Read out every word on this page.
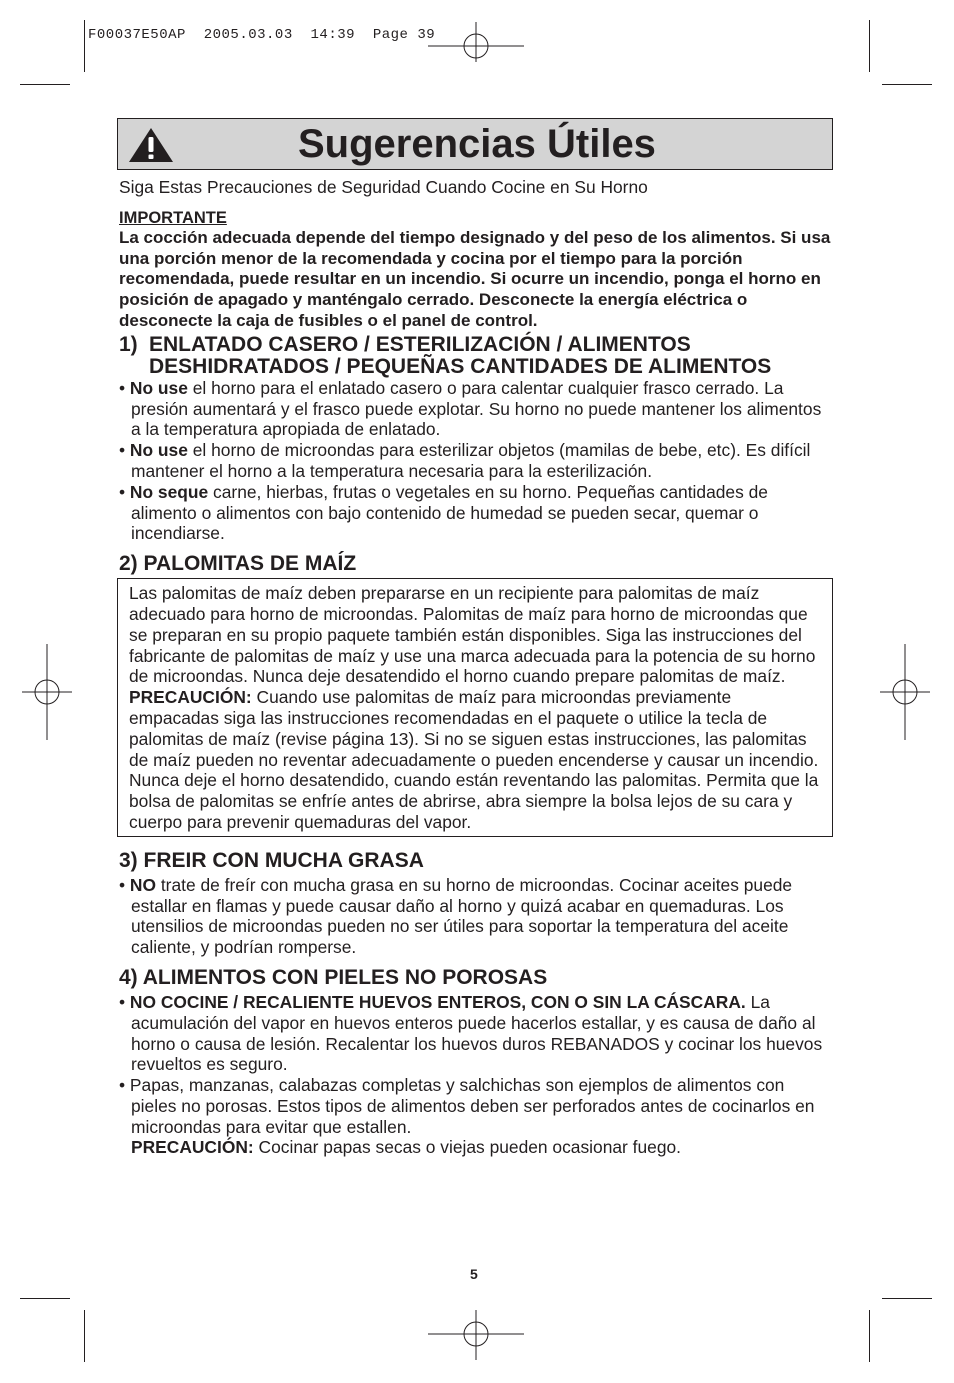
F00037E50AP  2005.03.03  14:39  Page 39
Sugerencias Útiles

Siga Estas Precauciones de Seguridad Cuando Cocine en Su Horno

IMPORTANTE
La cocción adecuada depende del tiempo designado y del peso de los alimentos. Si usa una porción menor de la recomendada y cocina por el tiempo para la porción recomendada, puede resultar en un incendio. Si ocurre un incendio, ponga el horno en posición de apagado y manténgalo cerrado. Desconecte la energía eléctrica o desconecte la caja de fusibles o el panel de control.
1) ENLATADO CASERO / ESTERILIZACIÓN / ALIMENTOS DESHIDRATADOS / PEQUEÑAS CANTIDADES DE ALIMENTOS

• No use el horno para el enlatado casero o para calentar cualquier frasco cerrado. La presión aumentará y el frasco puede explotar. Su horno no puede mantener los alimentos a la temperatura apropiada de enlatado.

• No use el horno de microondas para esterilizar objetos (mamilas de bebe, etc). Es difícil mantener el horno a la temperatura necesaria para la esterilización.

• No seque carne, hierbas, frutas o vegetales en su horno. Pequeñas cantidades de alimento o alimentos con bajo contenido de humedad se pueden secar, quemar o incendiarse.

2) PALOMITAS DE MAÍZ

Las palomitas de maíz deben prepararse en un recipiente para palomitas de maíz adecuado para horno de microondas. Palomitas de maíz para horno de microondas que se preparan en su propio paquete también están disponibles. Siga las instrucciones del fabricante de palomitas de maíz y use una marca adecuada para la potencia de su horno de microondas. Nunca deje desatendido el horno cuando prepare palomitas de maíz.

PRECAUCIÓN: Cuando use palomitas de maíz para microondas previamente empacadas siga las instrucciones recomendadas en el paquete o utilice la tecla de palomitas de maíz (revise página 13). Si no se siguen estas instrucciones, las palomitas de maíz pueden no reventar adecuadamente o pueden encenderse y causar un incendio.

Nunca deje el horno desatendido, cuando están reventando las palomitas. Permita que la bolsa de palomitas se enfríe antes de abrirse, abra siempre la bolsa lejos de su cara y cuerpo para prevenir quemaduras del vapor.

3) FREIR CON MUCHA GRASA

• NO trate de freír con mucha grasa en su horno de microondas. Cocinar aceites puede estallar en flamas y puede causar daño al horno y quizá acabar en quemaduras. Los utensilios de microondas pueden no ser útiles para soportar la temperatura del aceite caliente, y podrían romperse.

4) ALIMENTOS CON PIELES NO POROSAS

• NO COCINE / RECALIENTE HUEVOS ENTEROS, CON O SIN LA CÁSCARA. La acumulación del vapor en huevos enteros puede hacerlos estallar, y es causa de daño al horno o causa de lesión. Recalentar los huevos duros REBANADOS y cocinar los huevos revueltos es seguro.

• Papas, manzanas, calabazas completas y salchichas son ejemplos de alimentos con pieles no porosas. Estos tipos de alimentos deben ser perforados antes de cocinarlos en microondas para evitar que estallen.
PRECAUCIÓN: Cocinar papas secas o viejas pueden ocasionar fuego.

5
